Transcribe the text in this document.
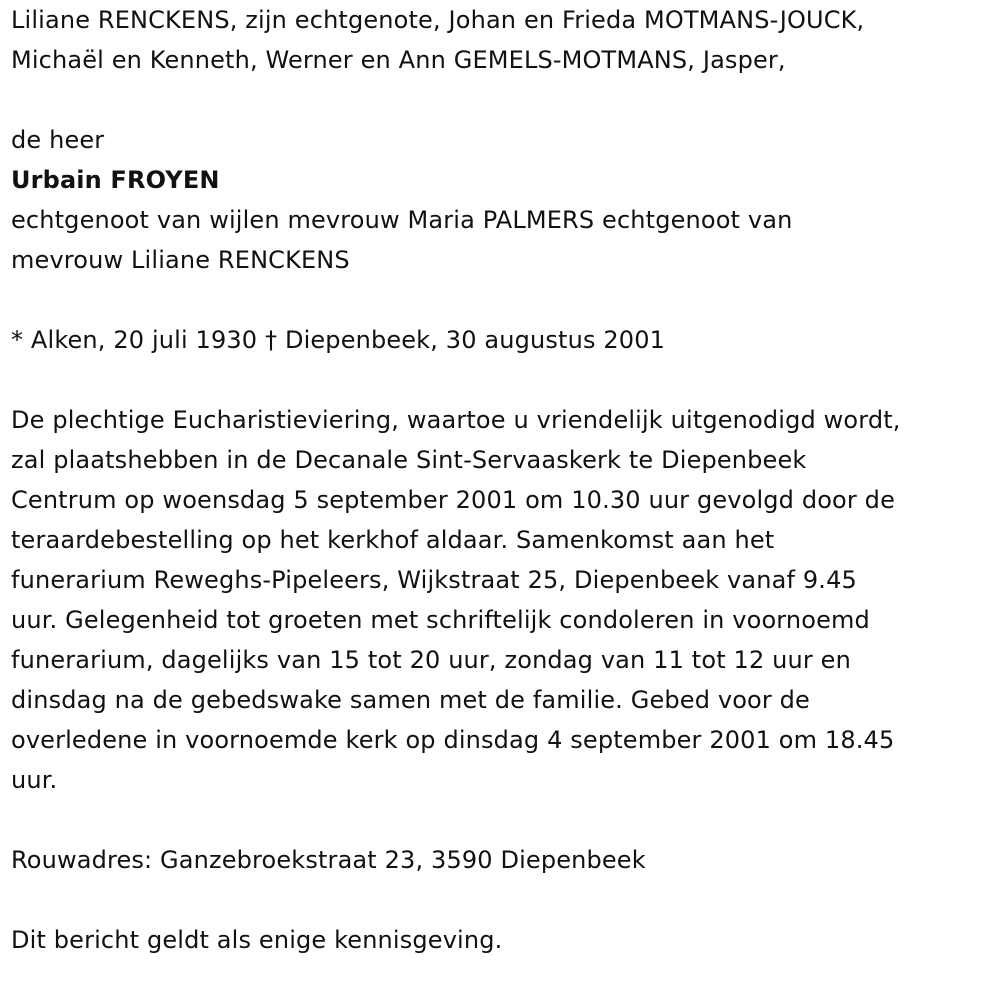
Liliane RENCKENS, zijn echtgenote, Johan en Frieda MOTMANS-JOUCK,
Michaël en Kenneth, Werner en Ann GEMELS-MOTMANS, Jasper,
de heer
Urbain FROYEN
echtgenoot van wijlen mevrouw Maria PALMERS echtgenoot van
mevrouw Liliane RENCKENS
* Alken, 20 juli 1930 † Diepenbeek, 30 augustus 2001
De plechtige Eucharistieviering, waartoe u vriendelijk uitgenodigd wordt,
zal plaatshebben in de Decanale Sint-Servaaskerk te Diepenbeek
Centrum op woensdag 5 september 2001 om 10.30 uur gevolgd door de
teraardebestelling op het kerkhof aldaar. Samenkomst aan het
funerarium Reweghs-Pipeleers, Wijkstraat 25, Diepenbeek vanaf 9.45
uur. Gelegenheid tot groeten met schriftelijk condoleren in voornoemd
funerarium, dagelijks van 15 tot 20 uur, zondag van 11 tot 12 uur en
dinsdag na de gebedswake samen met de familie. Gebed voor de
overledene in voornoemde kerk op dinsdag 4 september 2001 om 18.45
uur.
Rouwadres: Ganzebroekstraat 23, 3590 Diepenbeek
Dit bericht geldt als enige kennisgeving.
